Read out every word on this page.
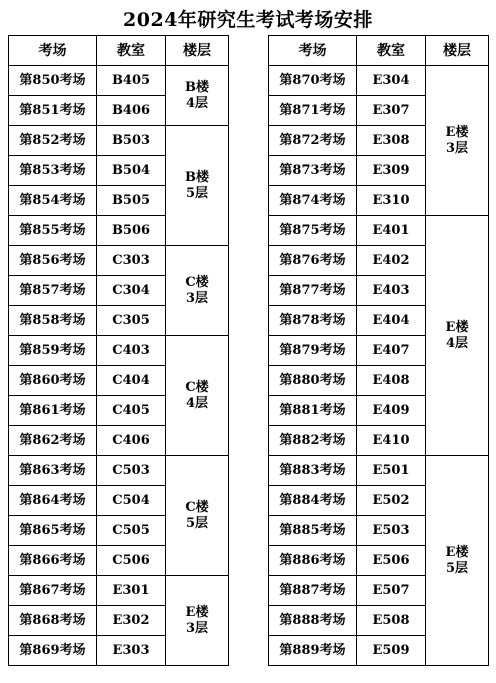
2024年研究生考试考场安排
考场	教室	楼层
第850考场	B405	B楼
4层

第851考场	B406	
第852考场	B503	B楼
5层

第853考场	B504	
第854考场	B505	
第855考场	B506	
第856考场	C303	C楼
3层

第857考场	C304	
第858考场	C305	
第859考场	C403	C楼
4层

第860考场	C404	
第861考场	C405	
第862考场	C406	
第863考场	C503	C楼
5层

第864考场	C504	
第865考场	C505	
第866考场	C506	
第867考场	E301	E楼
3层

第868考场	E302	
第869考场	E303	
考场	教室	楼层
第870考场	E304	E楼
3层

第871考场	E307	
第872考场	E308	
第873考场	E309	
第874考场	E310	
第875考场	E401	E楼
4层

第876考场	E402	
第877考场	E403	
第878考场	E404	
第879考场	E407	
第880考场	E408	
第881考场	E409	
第882考场	E410	
第883考场	E501	E楼
5层

第884考场	E502	
第885考场	E503	
第886考场	E506	
第887考场	E507	
第888考场	E508	
第889考场	E509	
